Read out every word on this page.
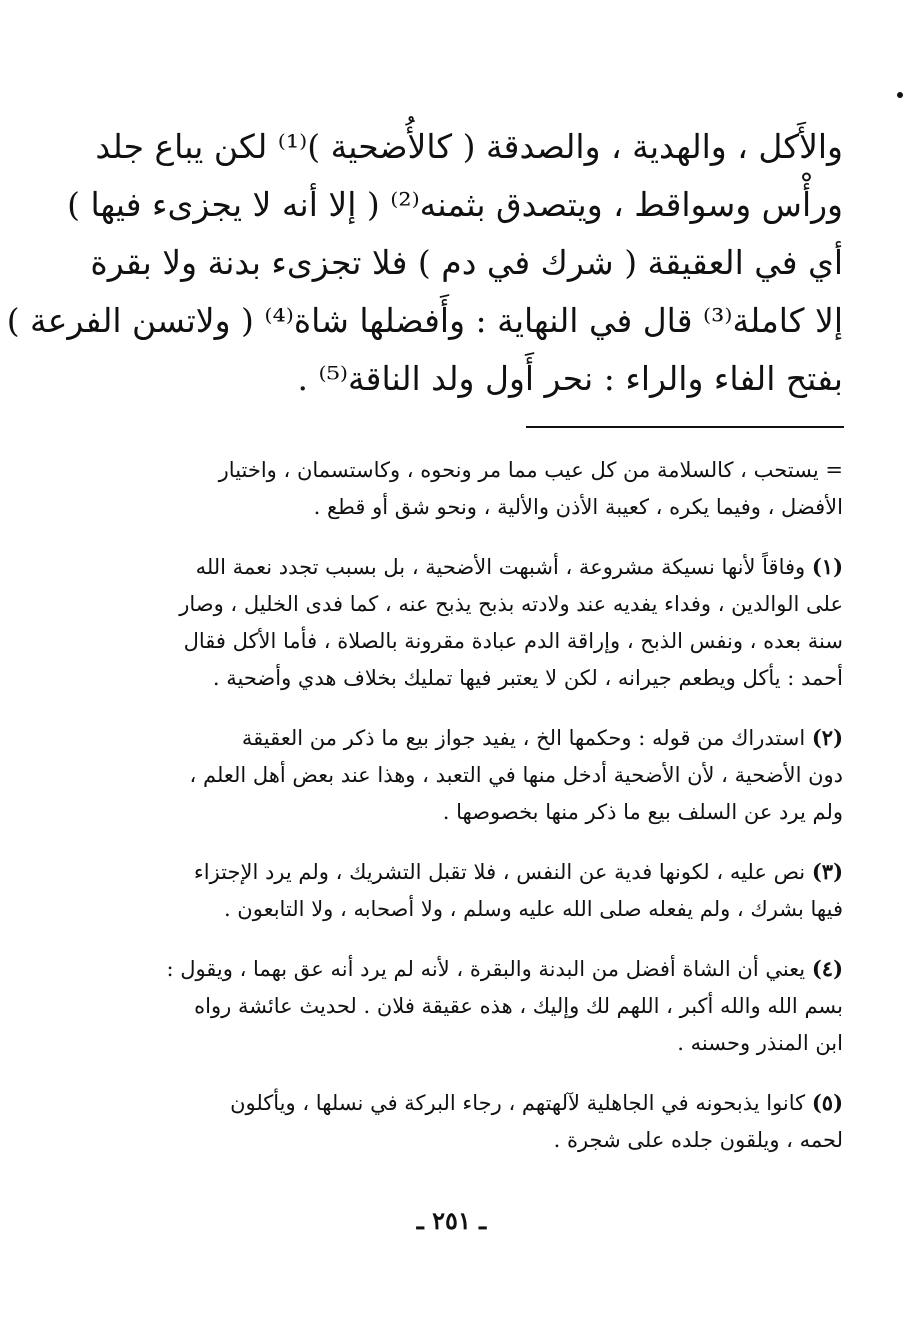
والأَكل ، والهدية ، والصدقة ( كالأُضحية )⁽¹⁾ لكن يباع جلد
ورأْس وسواقط ، ويتصدق بثمنه⁽²⁾ ( إلا أنه لا يجزىء فيها )
أي في العقيقة ( شرك في دم ) فلا تجزىء بدنة ولا بقرة
إلا كاملة⁽³⁾ قال في النهاية : وأَفضلها شاة⁽⁴⁾ ( ولاتسن الفرعة )
بفتح الفاء والراء : نحر أَول ولد الناقة⁽⁵⁾ .
= يستحب ، كالسلامة من كل عيب مما مر ونحوه ، وكاستسمان ، واختيار
الأفضل ، وفيما يكره ، كعيبة الأذن والألية ، ونحو شق أو قطع .
(١) وفاقاً لأنها نسيكة مشروعة ، أشبهت الأضحية ، بل بسبب تجدد نعمة الله
على الوالدين ، وفداء يفديه عند ولادته بذبح يذبح عنه ، كما فدى الخليل ، وصار
سنة بعده ، ونفس الذبح ، وإراقة الدم عبادة مقرونة بالصلاة ، فأما الأكل فقال
أحمد : يأكل ويطعم جيرانه ، لكن لا يعتبر فيها تمليك بخلاف هدي وأضحية .
(٢) استدراك من قوله : وحكمها الخ ، يفيد جواز بيع ما ذكر من العقيقة
دون الأضحية ، لأن الأضحية أدخل منها في التعبد ، وهذا عند بعض أهل العلم ،
ولم يرد عن السلف بيع ما ذكر منها بخصوصها .
(٣) نص عليه ، لكونها فدية عن النفس ، فلا تقبل التشريك ، ولم يرد الإجتزاء
فيها بشرك ، ولم يفعله صلى الله عليه وسلم ، ولا أصحابه ، ولا التابعون .
(٤) يعني أن الشاة أفضل من البدنة والبقرة ، لأنه لم يرد أنه عق بهما ، ويقول :
بسم الله والله أكبر ، اللهم لك وإليك ، هذه عقيقة فلان . لحديث عائشة رواه
ابن المنذر وحسنه .
(٥) كانوا يذبحونه في الجاهلية لآلهتهم ، رجاء البركة في نسلها ، ويأكلون
لحمه ، ويلقون جلده على شجرة .
ـ ٢٥١ ـ
